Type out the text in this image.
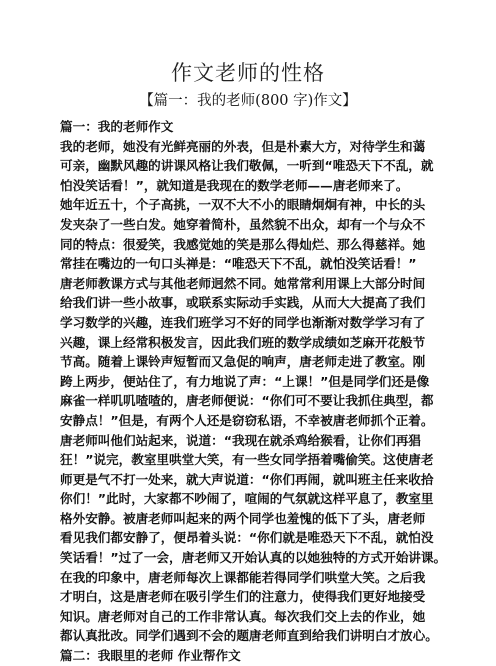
作文老师的性格
【篇一：我的老师(800 字)作文】
篇一：我的老师作文
我的老师，她没有光鲜亮丽的外表，但是朴素大方，对待学生和蔼
可亲，幽默风趣的讲课风格让我们敬佩，一听到“唯恐天下不乱，就
怕没笑话看！”，就知道是我现在的数学老师——唐老师来了。
她年近五十，个子高挑，一双不大不小的眼睛炯炯有神，中长的头
发夹杂了一些白发。她穿着简朴，虽然貌不出众，却有一个与众不
同的特点：很爱笑，我感觉她的笑是那么得灿烂、那么得慈祥。她
常挂在嘴边的一句口头禅是：“唯恐天下不乱，就怕没笑话看！”
唐老师教课方式与其他老师迥然不同。她常常利用课上大部分时间
给我们讲一些小故事，或联系实际动手实践，从而大大提高了我们
学习数学的兴趣，连我们班学习不好的同学也渐渐对数学学习有了
兴趣，课上经常积极发言，因此我们班的数学成绩如芝麻开花般节
节高。随着上课铃声短暂而又急促的响声，唐老师走进了教室。刚
跨上两步，便站住了，有力地说了声：“上课！”但是同学们还是像
麻雀一样叽叽喳喳的，唐老师便说：“你们可不要让我抓住典型，都
安静点！”但是，有两个人还是窃窃私语，不幸被唐老师抓个正着。
唐老师叫他们站起来，说道：“我现在就杀鸡给猴看，让你们再猖
狂！”说完，教室里哄堂大笑，有一些女同学捂着嘴偷笑。这使唐老
师更是气不打一处来，就大声说道：“你们再闹，就叫班主任来收拾
你们！”此时，大家都不吵闹了，喧闹的气氛就这样平息了，教室里
格外安静。被唐老师叫起来的两个同学也羞愧的低下了头，唐老师
看见我们都安静了，便昂着头说：“你们就是唯恐天下不乱，就怕没
笑话看！”过了一会，唐老师又开始认真的以她独特的方式开始讲课。
在我的印象中，唐老师每次上课都能若得同学们哄堂大笑。之后我
才明白，这是唐老师在吸引学生们的注意力，使得我们更好地接受
知识。唐老师对自己的工作非常认真。每次我们交上去的作业，她
都认真批改。同学们遇到不会的题唐老师直到给我们讲明白才放心。
篇二：我眼里的老师 作业帮作文
